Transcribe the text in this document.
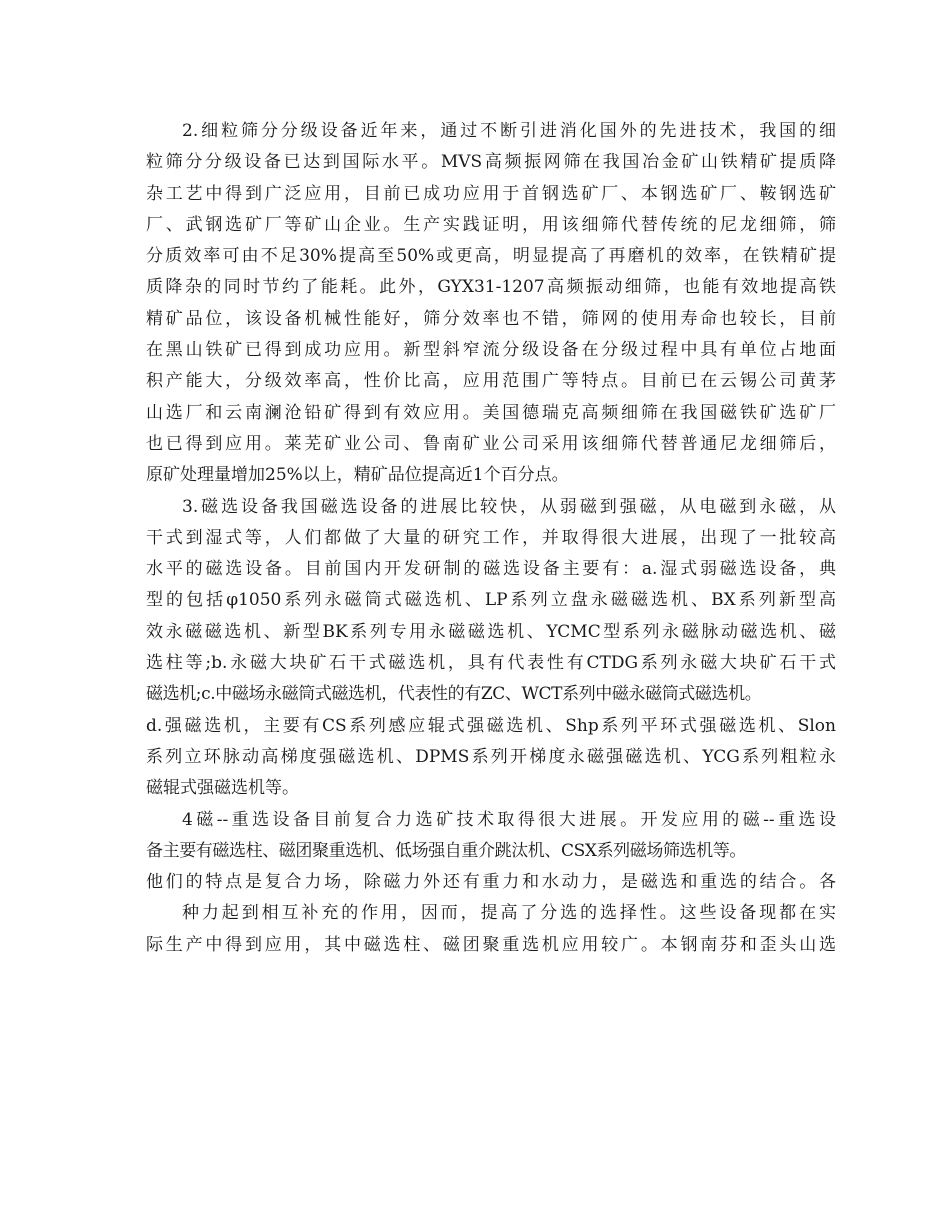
2.细粒筛分分级设备近年来，通过不断引进消化国外的先进技术，我国的细
粒筛分分级设备已达到国际水平。MVS高频振网筛在我国冶金矿山铁精矿提质降
杂工艺中得到广泛应用，目前已成功应用于首钢选矿厂、本钢选矿厂、鞍钢选矿
厂、武钢选矿厂等矿山企业。生产实践证明，用该细筛代替传统的尼龙细筛，筛
分质效率可由不足30%提高至50%或更高，明显提高了再磨机的效率，在铁精矿提
质降杂的同时节约了能耗。此外，GYX31-1207高频振动细筛，也能有效地提高铁
精矿品位，该设备机械性能好，筛分效率也不错，筛网的使用寿命也较长，目前
在黑山铁矿已得到成功应用。新型斜窄流分级设备在分级过程中具有单位占地面
积产能大，分级效率高，性价比高，应用范围广等特点。目前已在云锡公司黄茅
山选厂和云南澜沧铅矿得到有效应用。美国德瑞克高频细筛在我国磁铁矿选矿厂
也已得到应用。莱芜矿业公司、鲁南矿业公司采用该细筛代替普通尼龙细筛后，
原矿处理量增加25%以上，精矿品位提高近1个百分点。
3.磁选设备我国磁选设备的进展比较快，从弱磁到强磁，从电磁到永磁，从
干式到湿式等，人们都做了大量的研究工作，并取得很大进展，出现了一批较高
水平的磁选设备。目前国内开发研制的磁选设备主要有：a.湿式弱磁选设备，典
型的包括φ1050系列永磁筒式磁选机、LP系列立盘永磁磁选机、BX系列新型高
效永磁磁选机、新型BK系列专用永磁磁选机、YCMC型系列永磁脉动磁选机、磁
选柱等;b.永磁大块矿石干式磁选机，具有代表性有CTDG系列永磁大块矿石干式
磁选机;c.中磁场永磁筒式磁选机，代表性的有ZC、WCT系列中磁永磁筒式磁选机。
d.强磁选机，主要有CS系列感应辊式强磁选机、Shp系列平环式强磁选机、Slon
系列立环脉动高梯度强磁选机、DPMS系列开梯度永磁强磁选机、YCG系列粗粒永
磁辊式强磁选机等。
4磁--重选设备目前复合力选矿技术取得很大进展。开发应用的磁--重选设
备主要有磁选柱、磁团聚重选机、低场强自重介跳汰机、CSX系列磁场筛选机等。
他们的特点是复合力场，除磁力外还有重力和水动力，是磁选和重选的结合。各
种力起到相互补充的作用，因而，提高了分选的选择性。这些设备现都在实
际生产中得到应用，其中磁选柱、磁团聚重选机应用较广。本钢南芬和歪头山选
